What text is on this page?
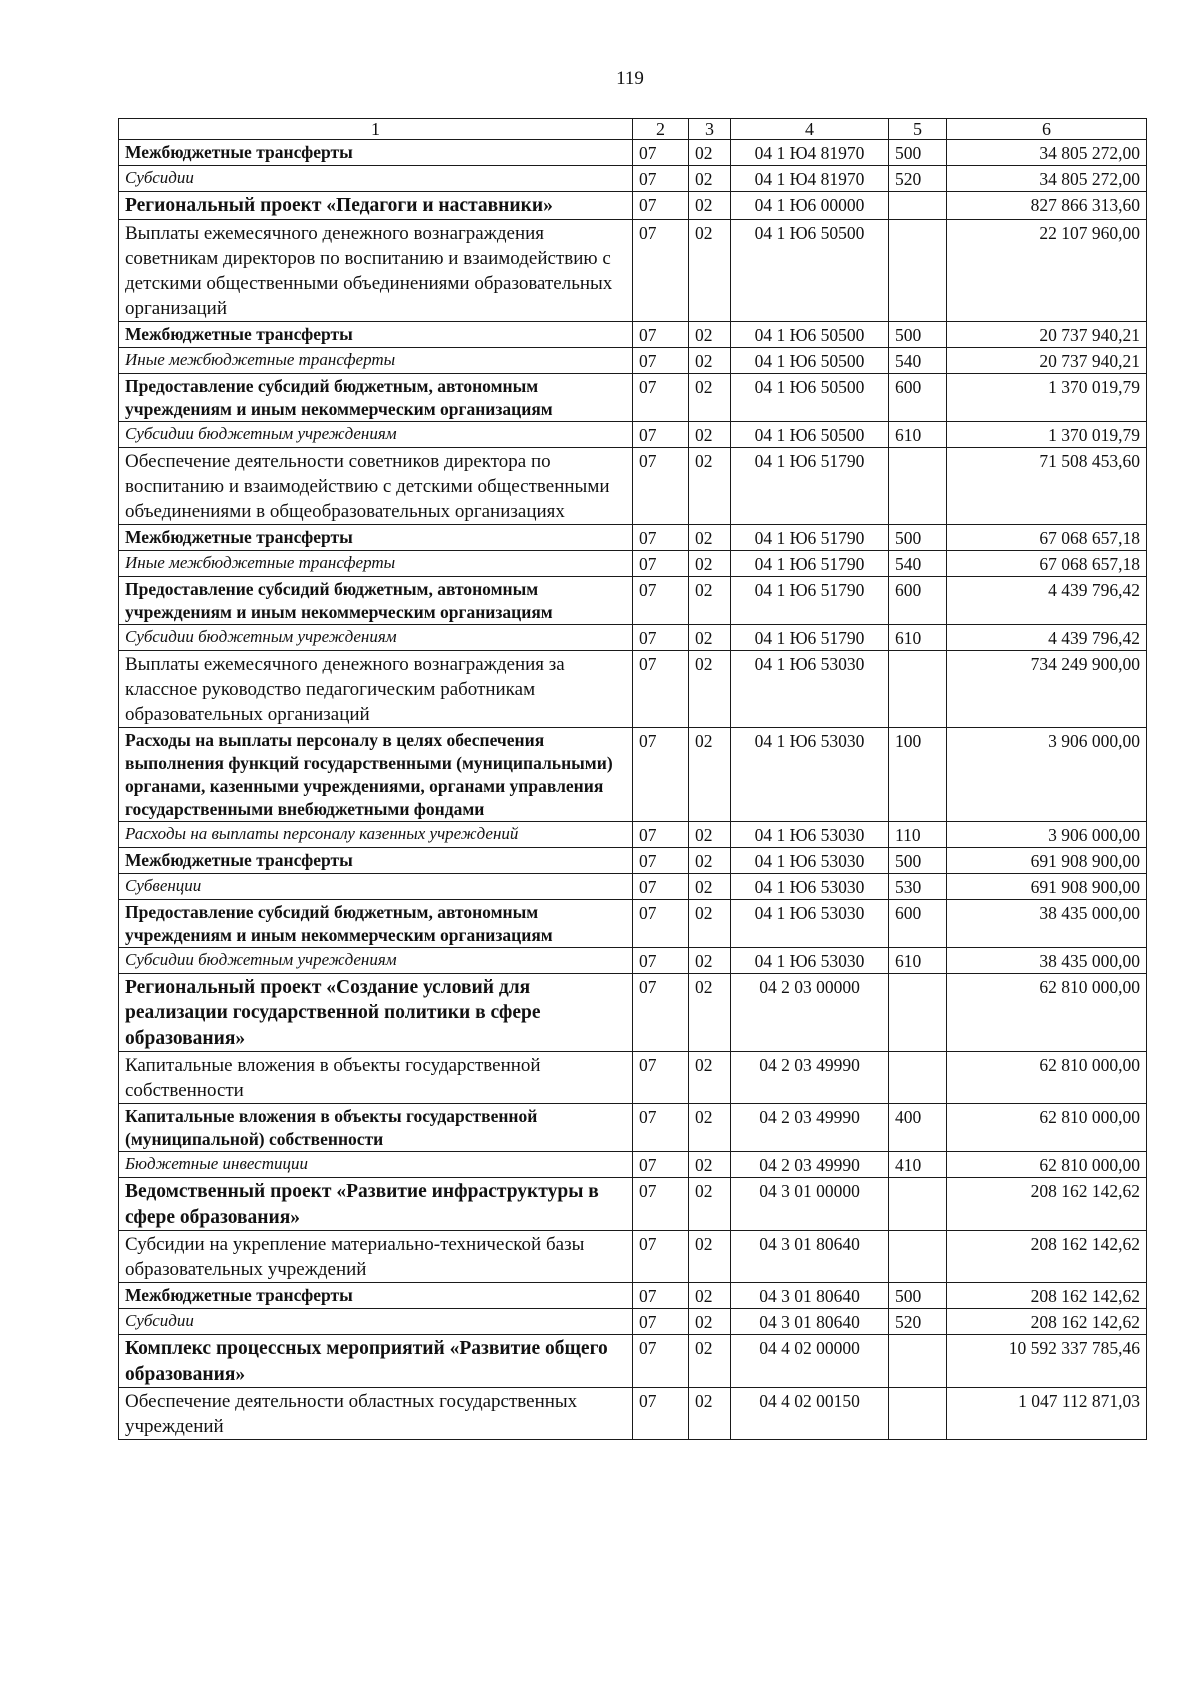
119
1	2	3	4	5	6
Межбюджетные трансферты	07	02	04 1 Ю4 81970	500	34 805 272,00
Субсидии	07	02	04 1 Ю4 81970	520	34 805 272,00
Региональный проект «Педагоги и наставники»	07	02	04 1 Ю6 00000		827 866 313,60
Выплаты ежемесячного денежного вознаграждения советникам директоров по воспитанию и взаимодействию с детскими общественными объединениями образовательных организаций	07	02	04 1 Ю6 50500		22 107 960,00
Межбюджетные трансферты	07	02	04 1 Ю6 50500	500	20 737 940,21
Иные межбюджетные трансферты	07	02	04 1 Ю6 50500	540	20 737 940,21
Предоставление субсидий бюджетным, автономным учреждениям и иным некоммерческим организациям	07	02	04 1 Ю6 50500	600	1 370 019,79
Субсидии бюджетным учреждениям	07	02	04 1 Ю6 50500	610	1 370 019,79
Обеспечение деятельности советников директора по воспитанию и взаимодействию с детскими общественными объединениями в общеобразовательных организациях	07	02	04 1 Ю6 51790		71 508 453,60
Межбюджетные трансферты	07	02	04 1 Ю6 51790	500	67 068 657,18
Иные межбюджетные трансферты	07	02	04 1 Ю6 51790	540	67 068 657,18
Предоставление субсидий бюджетным, автономным учреждениям и иным некоммерческим организациям	07	02	04 1 Ю6 51790	600	4 439 796,42
Субсидии бюджетным учреждениям	07	02	04 1 Ю6 51790	610	4 439 796,42
Выплаты ежемесячного денежного вознаграждения за классное руководство педагогическим работникам образовательных организаций	07	02	04 1 Ю6 53030		734 249 900,00
Расходы на выплаты персоналу в целях обеспечения выполнения функций государственными (муниципальными) органами, казенными учреждениями, органами управления государственными внебюджетными фондами	07	02	04 1 Ю6 53030	100	3 906 000,00
Расходы на выплаты персоналу казенных учреждений	07	02	04 1 Ю6 53030	110	3 906 000,00
Межбюджетные трансферты	07	02	04 1 Ю6 53030	500	691 908 900,00
Субвенции	07	02	04 1 Ю6 53030	530	691 908 900,00
Предоставление субсидий бюджетным, автономным учреждениям и иным некоммерческим организациям	07	02	04 1 Ю6 53030	600	38 435 000,00
Субсидии бюджетным учреждениям	07	02	04 1 Ю6 53030	610	38 435 000,00
Региональный проект «Создание условий для реализации государственной политики в сфере образования»	07	02	04 2 03 00000		62 810 000,00
Капитальные вложения в объекты государственной собственности	07	02	04 2 03 49990		62 810 000,00
Капитальные вложения в объекты государственной (муниципальной) собственности	07	02	04 2 03 49990	400	62 810 000,00
Бюджетные инвестиции	07	02	04 2 03 49990	410	62 810 000,00
Ведомственный проект «Развитие инфраструктуры в сфере образования»	07	02	04 3 01 00000		208 162 142,62
Субсидии на укрепление материально-технической базы образовательных учреждений	07	02	04 3 01 80640		208 162 142,62
Межбюджетные трансферты	07	02	04 3 01 80640	500	208 162 142,62
Субсидии	07	02	04 3 01 80640	520	208 162 142,62
Комплекс процессных мероприятий «Развитие общего образования»	07	02	04 4 02 00000		10 592 337 785,46
Обеспечение деятельности областных государственных учреждений	07	02	04 4 02 00150		1 047 112 871,03
